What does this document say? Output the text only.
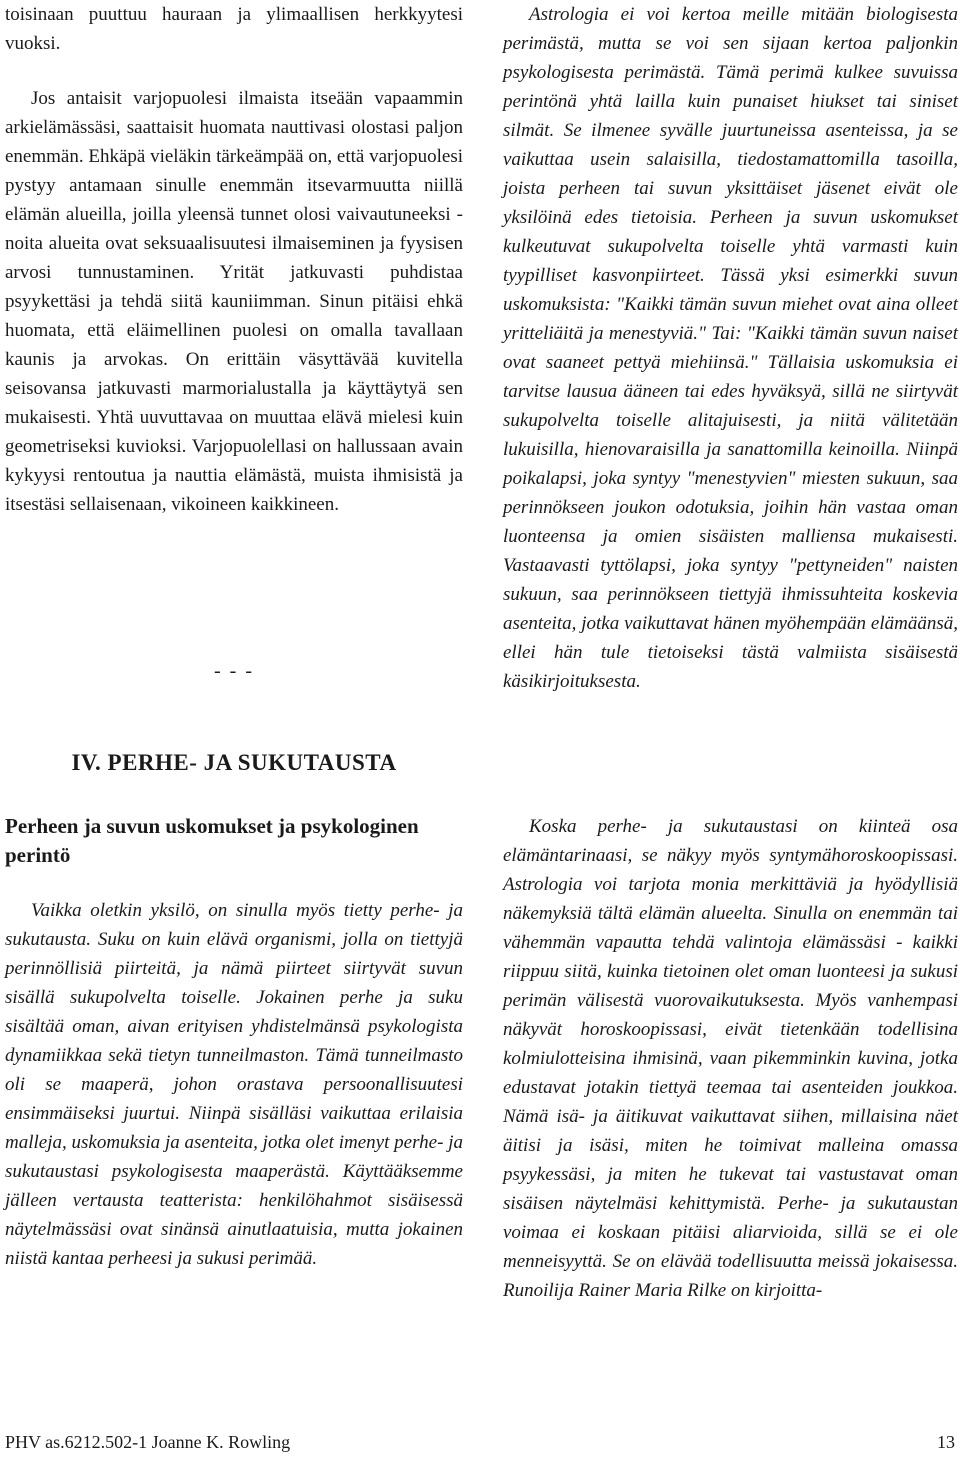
toisinaan puuttuu hauraan ja ylimaallisen herkkyytesi vuoksi.

Jos antaisit varjopuolesi ilmaista itseään vapaammin arkielämässäsi, saattaisit huomata nauttivasi olostasi paljon enemmän. Ehkäpä vieläkin tärkeämpää on, että varjopuolesi pystyy antamaan sinulle enemmän itsevarmuutta niillä elämän alueilla, joilla yleensä tunnet olosi vaivautuneeksi - noita alueita ovat seksuaalisuutesi ilmaiseminen ja fyysisen arvosi tunnustaminen. Yrität jatkuvasti puhdistaa psyykettäsi ja tehdä siitä kauniimman. Sinun pitäisi ehkä huomata, että eläimellinen puolesi on omalla tavallaan kaunis ja arvokas. On erittäin väsyttävää kuvitella seisovansa jatkuvasti marmorialustalla ja käyttäytyä sen mukaisesti. Yhtä uuvuttavaa on muuttaa elävä mielesi kuin geometriseksi kuvioksi. Varjopuolellasi on hallussaan avain kykyysi rentoutua ja nauttia elämästä, muista ihmisistä ja itsestäsi sellaisenaan, vikoineen kaikkineen.

- - -
IV. PERHE- JA SUKUTAUSTA
Perheen ja suvun uskomukset ja psykologinen perintö

Vaikka oletkin yksilö, on sinulla myös tietty perhe- ja sukutausta. Suku on kuin elävä organismi, jolla on tiettyjä perinnöllisiä piirteitä, ja nämä piirteet siirtyvät suvun sisällä sukupolvelta toiselle. Jokainen perhe ja suku sisältää oman, aivan erityisen yhdistelmänsä psykologista dynamiikkaa sekä tietyn tunneilmaston. Tämä tunneilmasto oli se maaperä, johon orastava persoonallisuutesi ensimmäiseksi juurtui. Niinpä sisälläsi vaikuttaa erilaisia malleja, uskomuksia ja asenteita, jotka olet imenyt perhe- ja sukutaustasi psykologisesta maaperästä. Käyttääksemme jälleen vertausta teatterista: henkilöhahmot sisäisessä näytelmässäsi ovat sinänsä ainutlaatuisia, mutta jokainen niistä kantaa perheesi ja sukusi perimää.

Astrologia ei voi kertoa meille mitään biologisesta perimästä, mutta se voi sen sijaan kertoa paljonkin psykologisesta perimästä. Tämä perimä kulkee suvuissa perintönä yhtä lailla kuin punaiset hiukset tai siniset silmät. Se ilmenee syvälle juurtuneissa asenteissa, ja se vaikuttaa usein salaisilla, tiedostamattomilla tasoilla, joista perheen tai suvun yksittäiset jäsenet eivät ole yksilöinä edes tietoisia. Perheen ja suvun uskomukset kulkeutuvat sukupolvelta toiselle yhtä varmasti kuin tyypilliset kasvonpiirteet. Tässä yksi esimerkki suvun uskomuksista: "Kaikki tämän suvun miehet ovat aina olleet yritteliäitä ja menestyviä." Tai: "Kaikki tämän suvun naiset ovat saaneet pettyä miehiinsä." Tällaisia uskomuksia ei tarvitse lausua ääneen tai edes hyväksyä, sillä ne siirtyvät sukupolvelta toiselle alitajuisesti, ja niitä välitetään lukuisilla, hienovaraisilla ja sanattomilla keinoilla. Niinpä poikalapsi, joka syntyy "menestyvien" miesten sukuun, saa perinnökseen joukon odotuksia, joihin hän vastaa oman luonteensa ja omien sisäisten malliensa mukaisesti. Vastaavasti tyttölapsi, joka syntyy "pettyneiden" naisten sukuun, saa perinnökseen tiettyjä ihmissuhteita koskevia asenteita, jotka vaikuttavat hänen myöhempään elämäänsä, ellei hän tule tietoiseksi tästä valmiista sisäisestä käsikirjoituksesta.

Koska perhe- ja sukutaustasi on kiinteä osa elämäntarinaasi, se näkyy myös syntymähoroskoopissasi. Astrologia voi tarjota monia merkittäviä ja hyödyllisiä näkemyksiä tältä elämän alueelta. Sinulla on enemmän tai vähemmän vapautta tehdä valintoja elämässäsi - kaikki riippuu siitä, kuinka tietoinen olet oman luonteesi ja sukusi perimän välisestä vuorovaikutuksesta. Myös vanhempasi näkyvät horoskoopissasi, eivät tietenkään todellisina kolmiulotteisina ihmisinä, vaan pikemminkin kuvina, jotka edustavat jotakin tiettyä teemaa tai asenteiden joukkoa. Nämä isä- ja äitikuvat vaikuttavat siihen, millaisina näet äitisi ja isäsi, miten he toimivat malleina omassa psyykessäsi, ja miten he tukevat tai vastustavat oman sisäisen näytelmäsi kehittymistä. Perhe- ja sukutaustan voimaa ei koskaan pitäisi aliarvioida, sillä se ei ole menneisyyttä. Se on elävää todellisuutta meissä jokaisessa. Runoilija Rainer Maria Rilke on kirjoitta-

PHV as.6212.502-1 Joanne K. Rowling	13
